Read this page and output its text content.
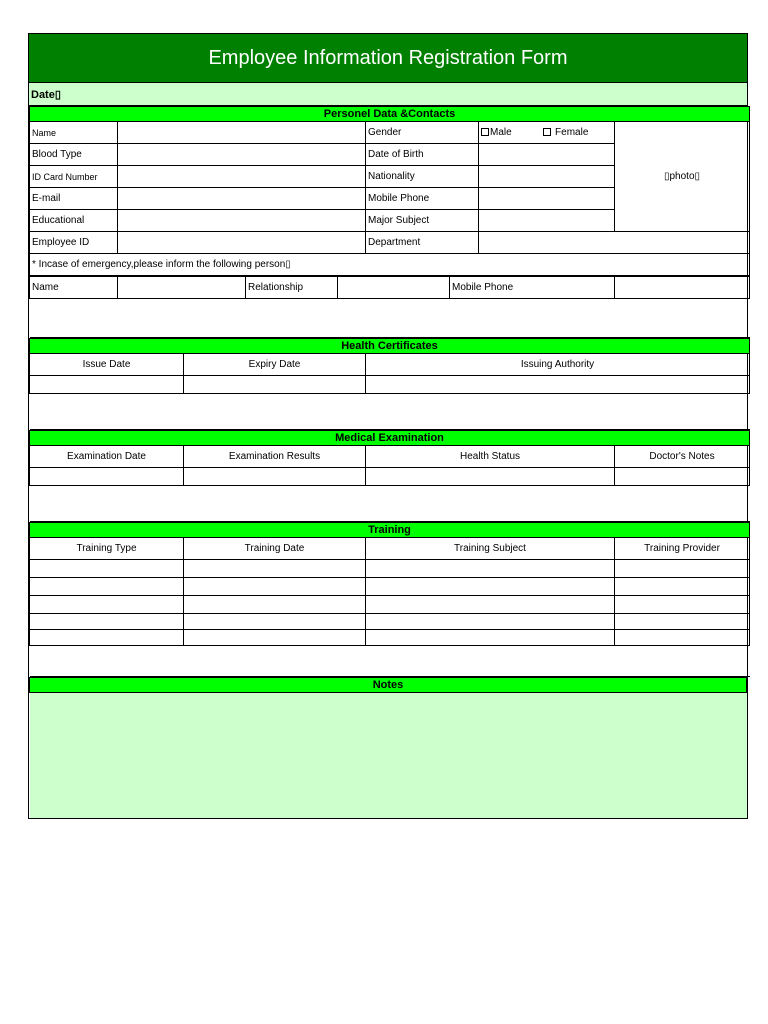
Employee Information Registration Form
Date▯
Personel Data &Contacts				
Name		Gender	Male Female	▯photo▯
Blood Type		Date of Birth		
ID Card Number		Nationality		
E-mail		Mobile Phone		
Educational		Major Subject		
Employee ID		Department		
* Incase of emergency,please inform the following person▯				
Name		Relationship		Mobile Phone	

Health Certificates		
Issue Date	Expiry Date	Issuing Authority

Medical Examination			
Examination Date	Examination Results	Health Status	Doctor's Notes

Training			
Training Type	Training Date	Training Subject	Training Provider

Notes
